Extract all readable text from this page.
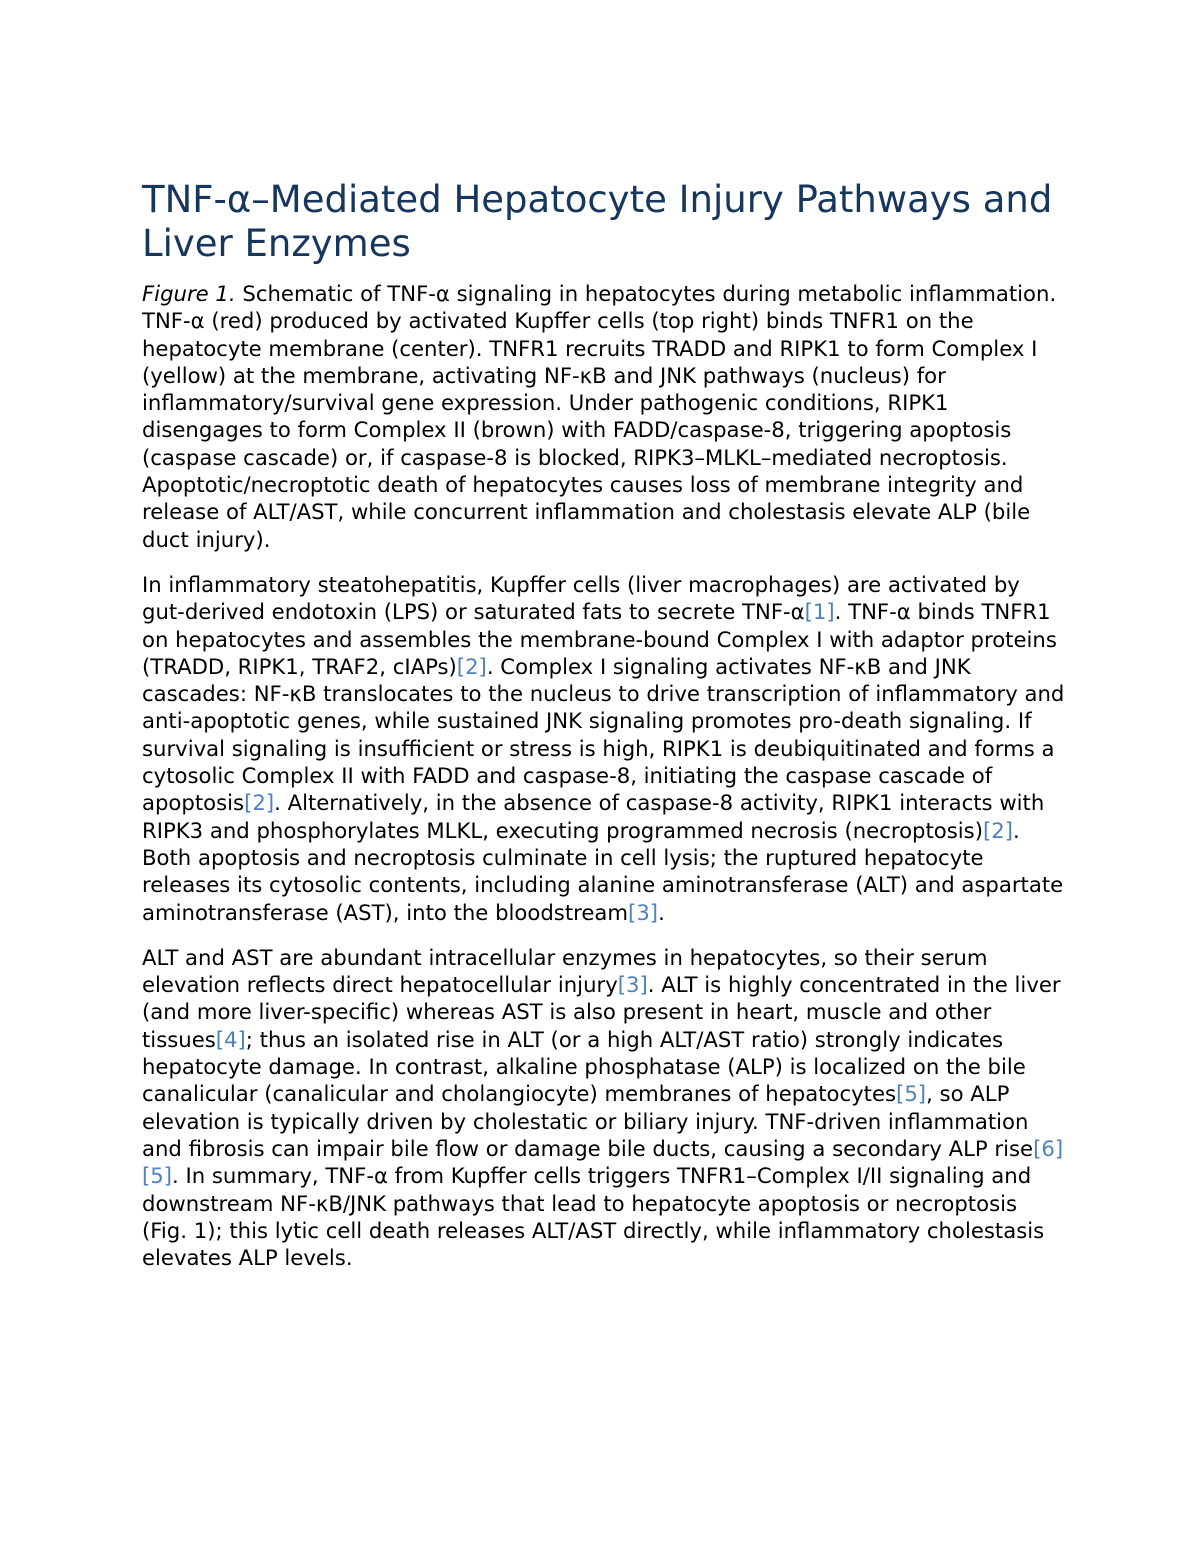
TNF-α–Mediated Hepatocyte Injury Pathways and Liver Enzymes

Figure 1. Schematic of TNF-α signaling in hepatocytes during metabolic inflammation. TNF-α (red) produced by activated Kupffer cells (top right) binds TNFR1 on the hepatocyte membrane (center). TNFR1 recruits TRADD and RIPK1 to form Complex I (yellow) at the membrane, activating NF-κB and JNK pathways (nucleus) for inflammatory/survival gene expression. Under pathogenic conditions, RIPK1 disengages to form Complex II (brown) with FADD/caspase-8, triggering apoptosis (caspase cascade) or, if caspase-8 is blocked, RIPK3–MLKL–mediated necroptosis. Apoptotic/necroptotic death of hepatocytes causes loss of membrane integrity and release of ALT/AST, while concurrent inflammation and cholestasis elevate ALP (bile duct injury).

In inflammatory steatohepatitis, Kupffer cells (liver macrophages) are activated by gut-derived endotoxin (LPS) or saturated fats to secrete TNF-α[1]. TNF-α binds TNFR1 on hepatocytes and assembles the membrane-bound Complex I with adaptor proteins (TRADD, RIPK1, TRAF2, cIAPs)[2]. Complex I signaling activates NF-κB and JNK cascades: NF-κB translocates to the nucleus to drive transcription of inflammatory and anti-apoptotic genes, while sustained JNK signaling promotes pro-death signaling. If survival signaling is insufficient or stress is high, RIPK1 is deubiquitinated and forms a cytosolic Complex II with FADD and caspase-8, initiating the caspase cascade of apoptosis[2]. Alternatively, in the absence of caspase-8 activity, RIPK1 interacts with RIPK3 and phosphorylates MLKL, executing programmed necrosis (necroptosis)[2]. Both apoptosis and necroptosis culminate in cell lysis; the ruptured hepatocyte releases its cytosolic contents, including alanine aminotransferase (ALT) and aspartate aminotransferase (AST), into the bloodstream[3].

ALT and AST are abundant intracellular enzymes in hepatocytes, so their serum elevation reflects direct hepatocellular injury[3]. ALT is highly concentrated in the liver (and more liver-specific) whereas AST is also present in heart, muscle and other tissues[4]; thus an isolated rise in ALT (or a high ALT/AST ratio) strongly indicates hepatocyte damage. In contrast, alkaline phosphatase (ALP) is localized on the bile canalicular (canalicular and cholangiocyte) membranes of hepatocytes[5], so ALP elevation is typically driven by cholestatic or biliary injury. TNF-driven inflammation and fibrosis can impair bile flow or damage bile ducts, causing a secondary ALP rise[6][5]. In summary, TNF-α from Kupffer cells triggers TNFR1–Complex I/II signaling and downstream NF-κB/JNK pathways that lead to hepatocyte apoptosis or necroptosis (Fig. 1); this lytic cell death releases ALT/AST directly, while inflammatory cholestasis elevates ALP levels.
